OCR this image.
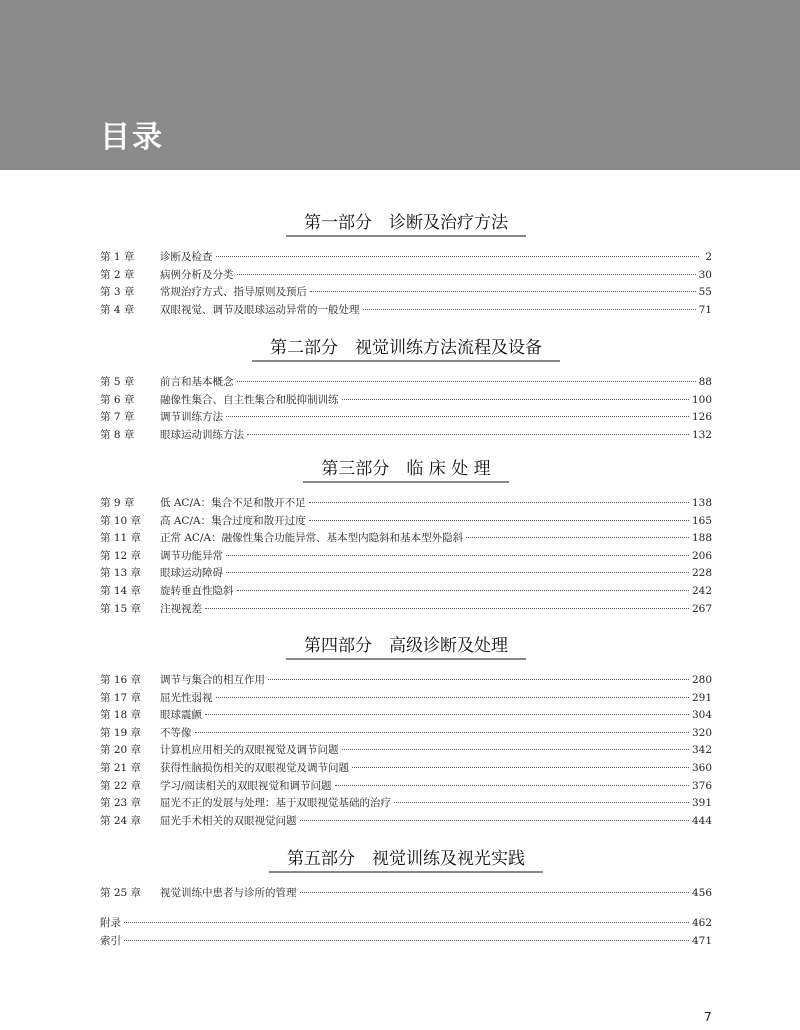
目录
第一部分　诊断及治疗方法
第 1 章	诊断及检查	2
第 2 章	病例分析及分类	30
第 3 章	常规治疗方式、指导原则及预后	55
第 4 章	双眼视觉、调节及眼球运动异常的一般处理	71
第二部分　视觉训练方法流程及设备
第 5 章	前言和基本概念	88
第 6 章	融像性集合、自主性集合和脱抑制训练	100
第 7 章	调节训练方法	126
第 8 章	眼球运动训练方法	132
第三部分　临 床 处 理
第 9 章	低 AC/A：集合不足和散开不足	138
第 10 章	高 AC/A：集合过度和散开过度	165
第 11 章	正常 AC/A：融像性集合功能异常、基本型内隐斜和基本型外隐斜	188
第 12 章	调节功能异常	206
第 13 章	眼球运动障碍	228
第 14 章	旋转垂直性隐斜	242
第 15 章	注视视差	267
第四部分　高级诊断及处理
第 16 章	调节与集合的相互作用	280
第 17 章	屈光性弱视	291
第 18 章	眼球震颤	304
第 19 章	不等像	320
第 20 章	计算机应用相关的双眼视觉及调节问题	342
第 21 章	获得性脑损伤相关的双眼视觉及调节问题	360
第 22 章	学习/阅读相关的双眼视觉和调节问题	376
第 23 章	屈光不正的发展与处理：基于双眼视觉基础的治疗	391
第 24 章	屈光手术相关的双眼视觉问题	444
第五部分　视觉训练及视光实践
第 25 章	视觉训练中患者与诊所的管理	456
附录	462
索引	471
7
